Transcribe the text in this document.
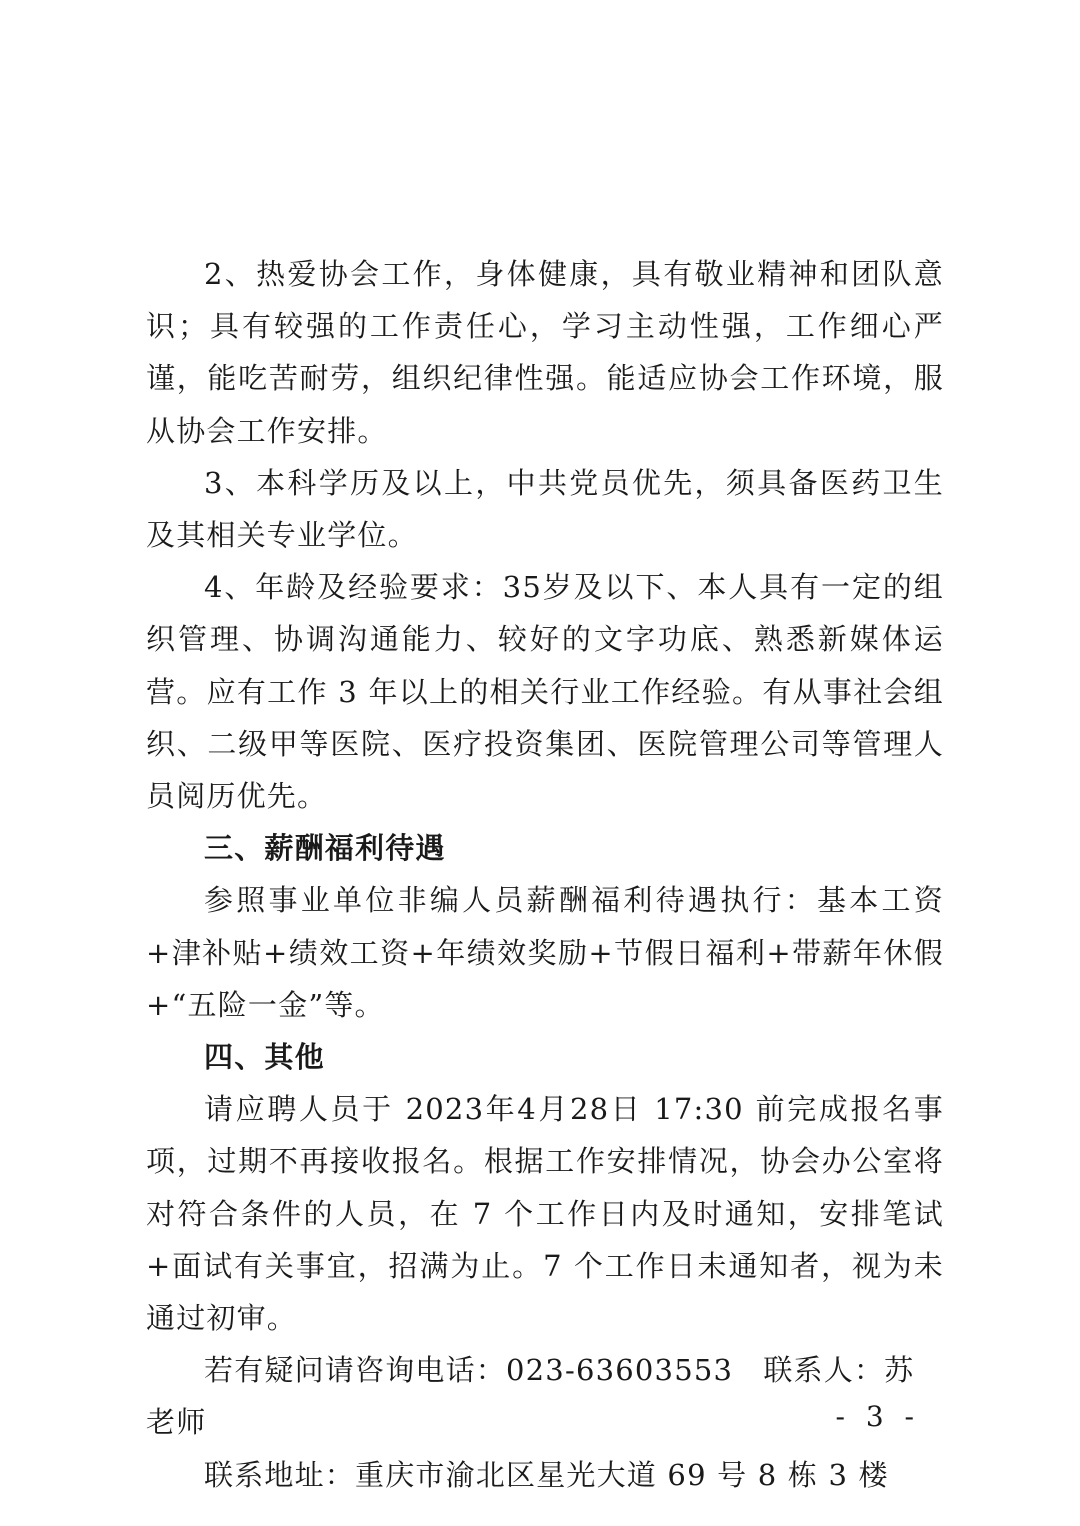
2、热爱协会工作，身体健康，具有敬业精神和团队意识；具有较强的工作责任心，学习主动性强，工作细心严谨，能吃苦耐劳，组织纪律性强。能适应协会工作环境，服从协会工作安排。

3、本科学历及以上，中共党员优先，须具备医药卫生及其相关专业学位。

4、年龄及经验要求：35岁及以下、本人具有一定的组织管理、协调沟通能力、较好的文字功底、熟悉新媒体运营。应有工作 3 年以上的相关行业工作经验。有从事社会组织、二级甲等医院、医疗投资集团、医院管理公司等管理人员阅历优先。

三、薪酬福利待遇

参照事业单位非编人员薪酬福利待遇执行：基本工资+津补贴+绩效工资+年绩效奖励+节假日福利+带薪年休假+“五险一金”等。

四、其他

请应聘人员于 2023年4月28日 17:30 前完成报名事项，过期不再接收报名。根据工作安排情况，协会办公室将对符合条件的人员，在 7 个工作日内及时通知，安排笔试+面试有关事宜，招满为止。7 个工作日未通知者，视为未通过初审。

若有疑问请咨询电话：023-63603553　联系人：苏老师

联系地址：重庆市渝北区星光大道 69 号 8 栋 3 楼

- 3 -
